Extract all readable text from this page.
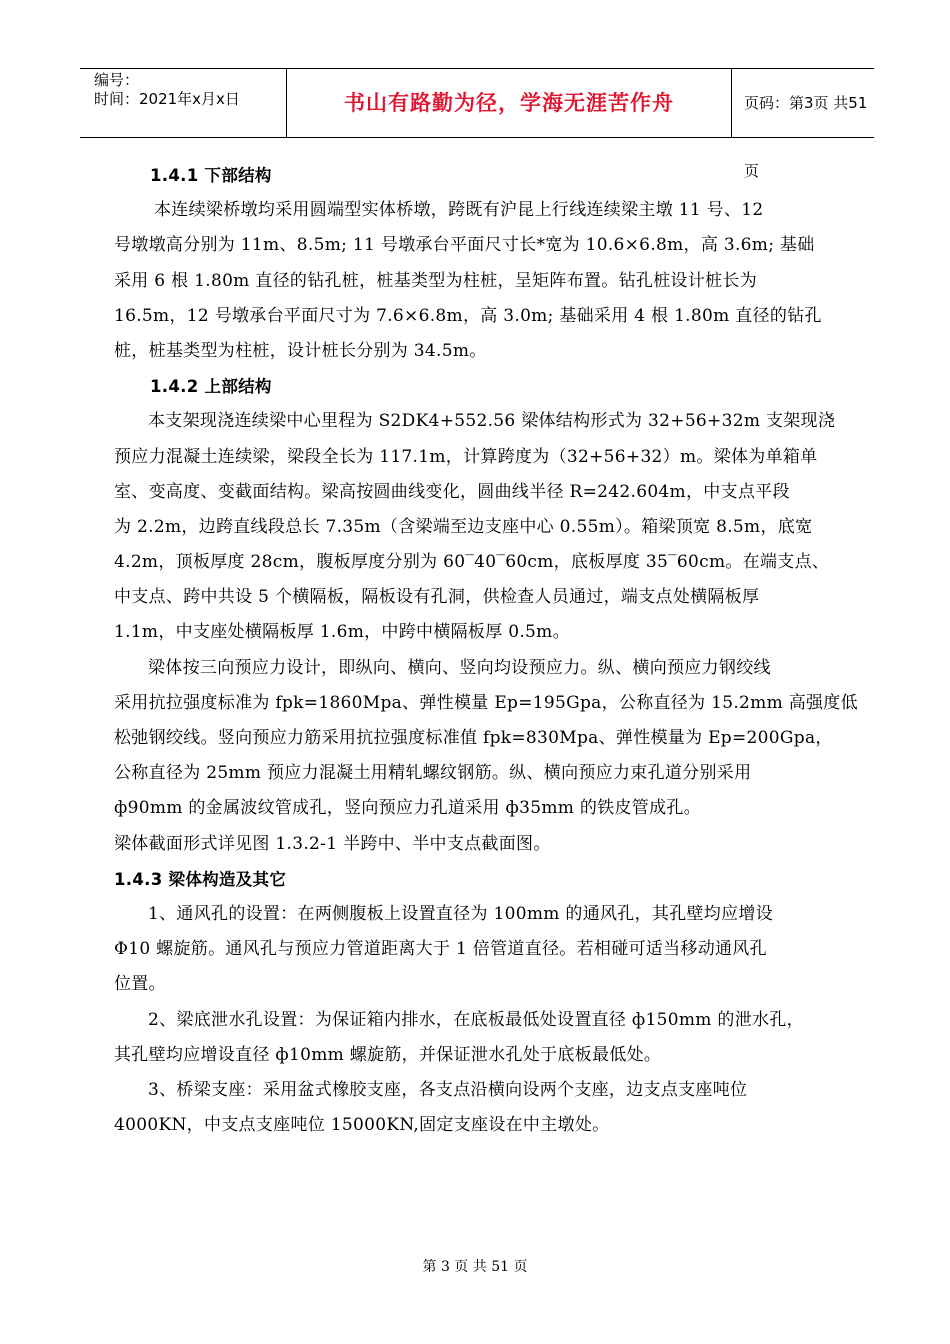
编号：
时间：2021年x月x日	书山有路勤为径，学海无涯苦作舟	页码：第3页 共51页
1.4.1 下部结构
本连续梁桥墩均采用圆端型实体桥墩，跨既有沪昆上行线连续梁主墩 11 号、12
号墩墩高分别为 11m、8.5m; 11 号墩承台平面尺寸长*宽为 10.6×6.8m，高 3.6m; 基础
采用 6 根 1.80m 直径的钻孔桩，桩基类型为柱桩，呈矩阵布置。钻孔桩设计桩长为
16.5m，12 号墩承台平面尺寸为 7.6×6.8m，高 3.0m; 基础采用 4 根 1.80m 直径的钻孔
桩，桩基类型为柱桩，设计桩长分别为 34.5m。
1.4.2 上部结构
本支架现浇连续梁中心里程为 S2DK4+552.56 梁体结构形式为 32+56+32m 支架现浇
预应力混凝土连续梁，梁段全长为 117.1m，计算跨度为（32+56+32）m。梁体为单箱单
室、变高度、变截面结构。梁高按圆曲线变化，圆曲线半径 R=242.604m，中支点平段
为 2.2m，边跨直线段总长 7.35m（含梁端至边支座中心 0.55m）。箱梁顶宽 8.5m，底宽
4.2m，顶板厚度 28cm，腹板厚度分别为 60‾40‾60cm，底板厚度 35‾60cm。在端支点、
中支点、跨中共设 5 个横隔板，隔板设有孔洞，供检查人员通过，端支点处横隔板厚
1.1m，中支座处横隔板厚 1.6m，中跨中横隔板厚 0.5m。
梁体按三向预应力设计，即纵向、横向、竖向均设预应力。纵、横向预应力钢绞线
采用抗拉强度标准为 fpk=1860Mpa、弹性模量 Ep=195Gpa，公称直径为 15.2mm 高强度低
松弛钢绞线。竖向预应力筋采用抗拉强度标准值 fpk=830Mpa、弹性模量为 Ep=200Gpa，
公称直径为 25mm 预应力混凝土用精轧螺纹钢筋。纵、横向预应力束孔道分别采用
ф90mm 的金属波纹管成孔，竖向预应力孔道采用 ф35mm 的铁皮管成孔。
梁体截面形式详见图 1.3.2-1 半跨中、半中支点截面图。
1.4.3 梁体构造及其它
1、通风孔的设置：在两侧腹板上设置直径为 100mm 的通风孔，其孔壁均应增设
Φ10 螺旋筋。通风孔与预应力管道距离大于 1 倍管道直径。若相碰可适当移动通风孔
位置。
2、梁底泄水孔设置：为保证箱内排水，在底板最低处设置直径 ф150mm 的泄水孔，
其孔壁均应增设直径 ф10mm 螺旋筋，并保证泄水孔处于底板最低处。
3、桥梁支座：采用盆式橡胶支座，各支点沿横向设两个支座，边支点支座吨位
4000KN，中支点支座吨位 15000KN,固定支座设在中主墩处。
第 3 页 共 51 页
